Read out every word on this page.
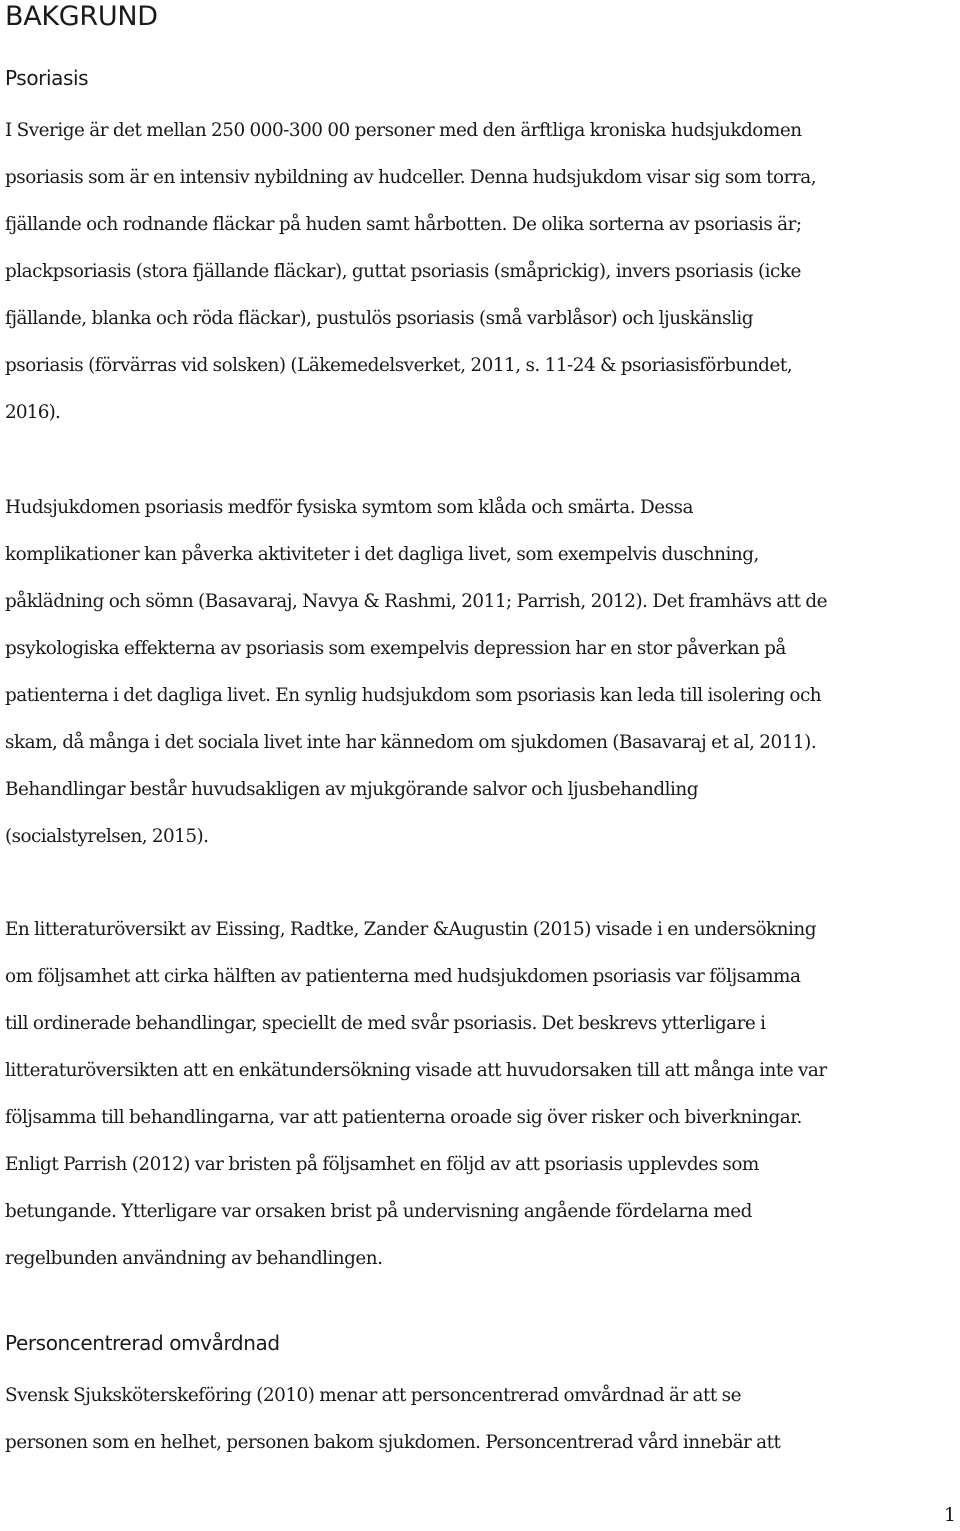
BAKGRUND
Psoriasis
I Sverige är det mellan 250 000-300 00 personer med den ärftliga kroniska hudsjukdomen
psoriasis som är en intensiv nybildning av hudceller. Denna hudsjukdom visar sig som torra,
fjällande och rodnande fläckar på huden samt hårbotten. De olika sorterna av psoriasis är;
plackpsoriasis (stora fjällande fläckar), guttat psoriasis (småprickig), invers psoriasis (icke
fjällande, blanka och röda fläckar), pustulös psoriasis (små varblåsor) och ljuskänslig
psoriasis (förvärras vid solsken) (Läkemedelsverket, 2011, s. 11-24 & psoriasisförbundet,
2016).
Hudsjukdomen psoriasis medför fysiska symtom som klåda och smärta. Dessa
komplikationer kan påverka aktiviteter i det dagliga livet, som exempelvis duschning,
påklädning och sömn (Basavaraj, Navya & Rashmi, 2011; Parrish, 2012). Det framhävs att de
psykologiska effekterna av psoriasis som exempelvis depression har en stor påverkan på
patienterna i det dagliga livet. En synlig hudsjukdom som psoriasis kan leda till isolering och
skam, då många i det sociala livet inte har kännedom om sjukdomen (Basavaraj et al, 2011).
Behandlingar består huvudsakligen av mjukgörande salvor och ljusbehandling
(socialstyrelsen, 2015).
En litteraturöversikt av Eissing, Radtke, Zander &Augustin (2015) visade i en undersökning
om följsamhet att cirka hälften av patienterna med hudsjukdomen psoriasis var följsamma
till ordinerade behandlingar, speciellt de med svår psoriasis. Det beskrevs ytterligare i
litteraturöversikten att en enkätundersökning visade att huvudorsaken till att många inte var
följsamma till behandlingarna, var att patienterna oroade sig över risker och biverkningar.
Enligt Parrish (2012) var bristen på följsamhet en följd av att psoriasis upplevdes som
betungande. Ytterligare var orsaken brist på undervisning angående fördelarna med
regelbunden användning av behandlingen.
Personcentrerad omvårdnad
Svensk Sjuksköterskeföring (2010) menar att personcentrerad omvårdnad är att se
personen som en helhet, personen bakom sjukdomen. Personcentrerad vård innebär att
1
